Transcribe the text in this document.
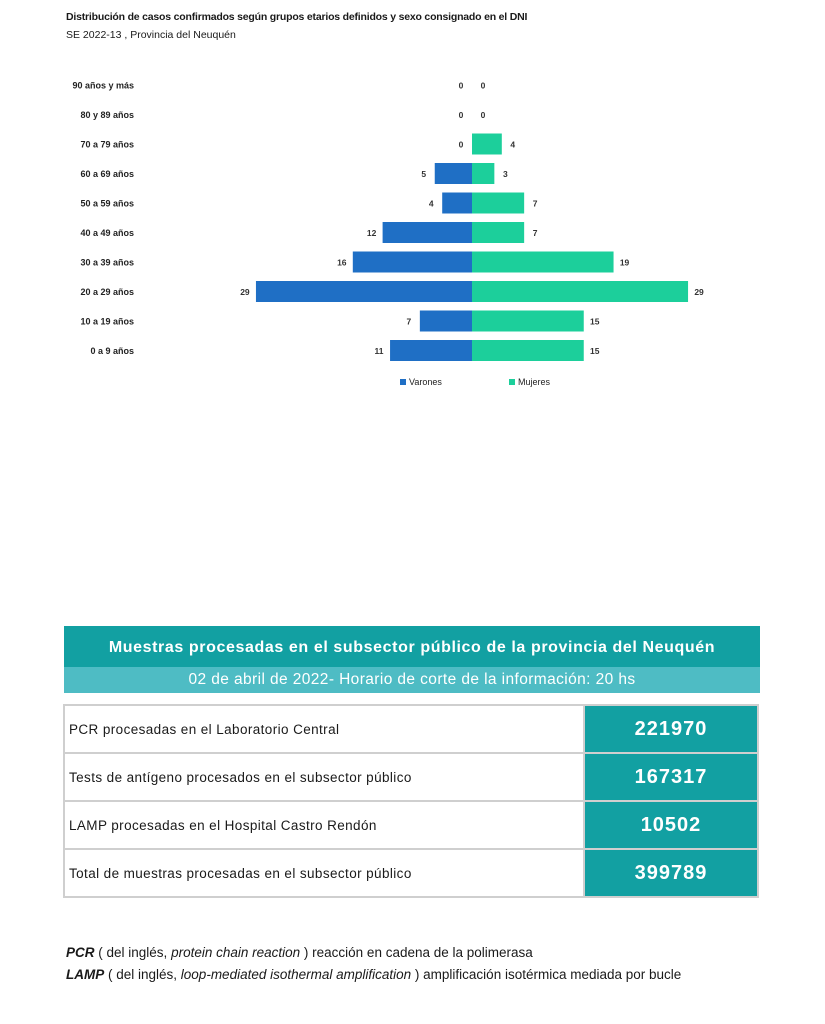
Distribución de casos confirmados según grupos etarios definidos y sexo consignado en el DNI
SE 2022-13 , Provincia del Neuquén
90 años y más	0 0
80 y 89 años	0 0
70 a 79 años	0	4
60 a 69 años	5	3
50 a 59 años	4	7
40 a 49 años	12	7
30 a 39 años	16	19
20 a 29 años	29	29
10 a 19 años	7	15
0 a 9 años	11	15
Varones	Mujeres
Muestras procesadas en el subsector público de la provincia del Neuquén
02 de abril de 2022- Horario de corte de la información: 20 hs
PCR procesadas en el Laboratorio Central	221970
Tests de antígeno procesados en el subsector público	167317
LAMP procesadas en el Hospital Castro Rendón	10502
Total de muestras procesadas en el subsector público	399789
PCR ( del inglés, protein chain reaction ) reacción en cadena de la polimerasa
LAMP ( del inglés, loop-mediated isothermal amplification ) amplificación isotérmica mediada por bucle
